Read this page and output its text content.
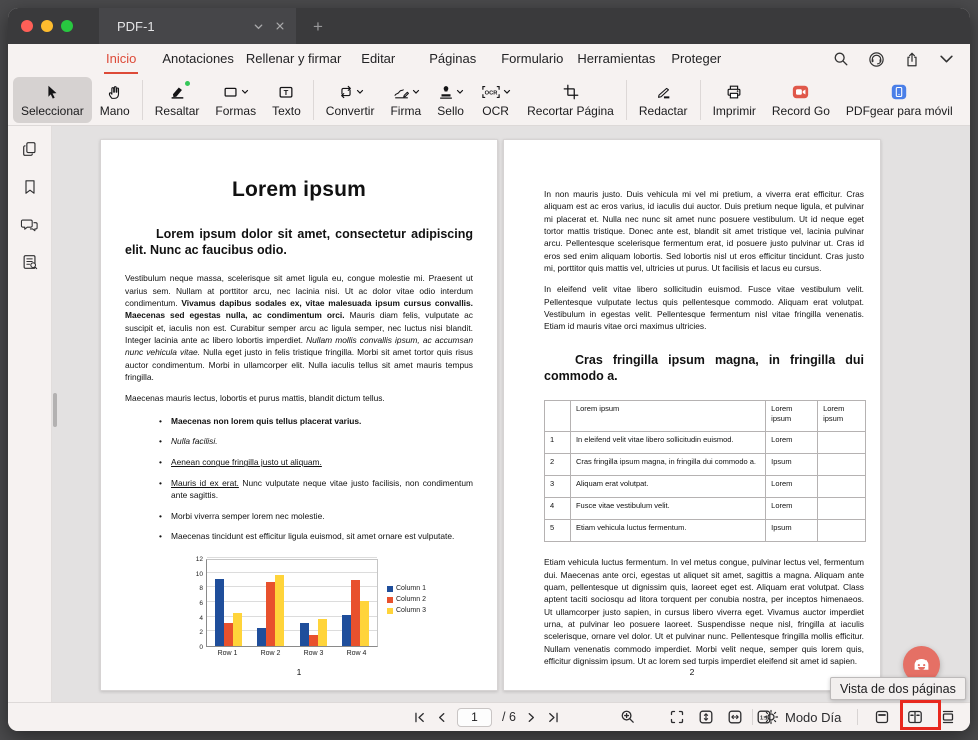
PDF-1	+
Inicio Anotaciones Rellenar y firmar Editar	Páginas Formulario Herramientas Proteger
Seleccionar Mano Resaltar Formas
T
Texto Convertir Firma Sello
OCR
OCR Recortar Página Redactar Imprimir Record Go PDFgear para móvil
Lorem ipsum
Lorem ipsum dolor sit amet, consectetur adipiscing elit. Nunc ac faucibus odio.
Vestibulum neque massa, scelerisque sit amet ligula eu, congue molestie mi. Praesent ut varius sem. Nullam at porttitor arcu, nec lacinia nisi. Ut ac dolor vitae odio interdum condimentum. Vivamus dapibus sodales ex, vitae malesuada ipsum cursus convallis. Maecenas sed egestas nulla, ac condimentum orci. Mauris diam felis, vulputate ac suscipit et, iaculis non est. Curabitur semper arcu ac ligula semper, nec luctus nisi blandit. Integer lacinia ante ac libero lobortis imperdiet. Nullam mollis convallis ipsum, ac accumsan nunc vehicula vitae. Nulla eget justo in felis tristique fringilla. Morbi sit amet tortor quis risus auctor condimentum. Morbi in ullamcorper elit. Nulla iaculis tellus sit amet mauris tempus fringilla.
Maecenas mauris lectus, lobortis et purus mattis, blandit dictum tellus.
• Maecenas non lorem quis tellus placerat varius.
• Nulla facilisi.
• Aenean congue fringilla justo ut aliquam.
• Mauris id ex erat. Nunc vulputate neque vitae justo facilisis, non condimentum ante sagittis.
• Morbi viverra semper lorem nec molestie.
• Maecenas tincidunt est efficitur ligula euismod, sit amet ornare est vulputate.
0
2
4
6
8
10
12
Row 1	Row 2	Row 3	Row 4
Column 1
Column 2
Column 3
1
In non mauris justo. Duis vehicula mi vel mi pretium, a viverra erat efficitur. Cras aliquam est ac eros varius, id iaculis dui auctor. Duis pretium neque ligula, et pulvinar mi placerat et. Nulla nec nunc sit amet nunc posuere vestibulum. Ut id neque eget tortor mattis tristique. Donec ante est, blandit sit amet tristique vel, lacinia pulvinar arcu. Pellentesque scelerisque fermentum erat, id posuere justo pulvinar ut. Cras id eros sed enim aliquam lobortis. Sed lobortis nisl ut eros efficitur tincidunt. Cras justo mi, porttitor quis mattis vel, ultricies ut purus. Ut facilisis et lacus eu cursus.
In eleifend velit vitae libero sollicitudin euismod. Fusce vitae vestibulum velit. Pellentesque vulputate lectus quis pellentesque commodo. Aliquam erat volutpat. Vestibulum in egestas velit. Pellentesque fermentum nisl vitae fringilla venenatis. Etiam id mauris vitae orci maximus ultricies.
Cras fringilla ipsum magna, in fringilla dui commodo a.
	Lorem ipsum	Lorem ipsum	Lorem ipsum
1	In eleifend velit vitae libero sollicitudin euismod.	Lorem	
2	Cras fringilla ipsum magna, in fringilla dui commodo a.	Ipsum	
3	Aliquam erat volutpat.	Lorem	
4	Fusce vitae vestibulum velit.	Lorem	
5	Etiam vehicula luctus fermentum.	Ipsum	
Etiam vehicula luctus fermentum. In vel metus congue, pulvinar lectus vel, fermentum dui. Maecenas ante orci, egestas ut aliquet sit amet, sagittis a magna. Aliquam ante quam, pellentesque ut dignissim quis, laoreet eget est. Aliquam erat volutpat. Class aptent taciti sociosqu ad litora torquent per conubia nostra, per inceptos himenaeos. Ut ullamcorper justo sapien, in cursus libero viverra eget. Vivamus auctor imperdiet urna, at pulvinar leo posuere laoreet. Suspendisse neque nisl, fringilla at iaculis scelerisque, ornare vel dolor. Ut et pulvinar nunc. Pellentesque fringilla mollis efficitur. Nullam venenatis commodo imperdiet. Morbi velit neque, semper quis lorem quis, efficitur dignissim ipsum. Ut ac lorem sed turpis imperdiet eleifend sit amet id sapien.
2
1
/ 6	1:1 Modo Día
Vista de dos páginas
